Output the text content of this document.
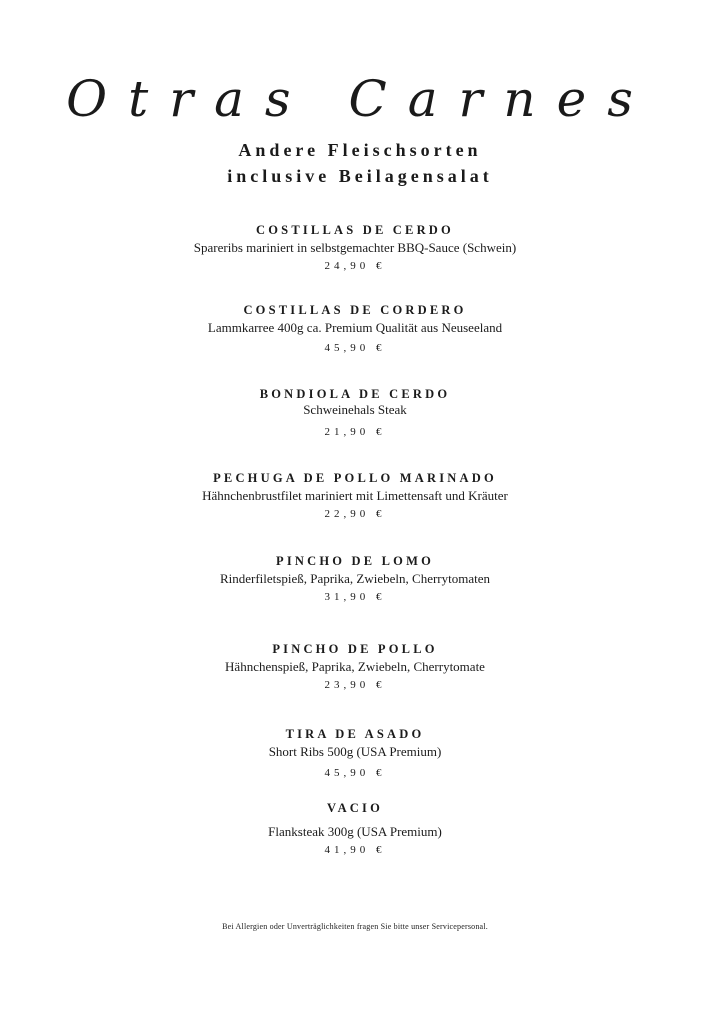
Otras Carnes
Andere Fleischsorten
inclusive Beilagensalat
COSTILLAS DE CERDO
Spareribs mariniert in selbstgemachter BBQ-Sauce (Schwein)
24,90 €
COSTILLAS DE CORDERO
Lammkarree 400g ca. Premium Qualität aus Neuseeland
45,90 €
BONDIOLA DE CERDO
Schweinehals Steak
21,90 €
PECHUGA DE POLLO MARINADO
Hähnchenbrustfilet mariniert mit Limettensaft und Kräuter
22,90 €
PINCHO DE LOMO
Rinderfiletspieß, Paprika, Zwiebeln, Cherrytomaten
31,90 €
PINCHO DE POLLO
Hähnchenspieß, Paprika, Zwiebeln, Cherrytomate
23,90 €
TIRA DE ASADO
Short Ribs 500g (USA Premium)
45,90 €
VACIO
Flanksteak 300g (USA Premium)
41,90 €
Bei Allergien oder Unverträglichkeiten fragen Sie bitte unser Servicepersonal.
